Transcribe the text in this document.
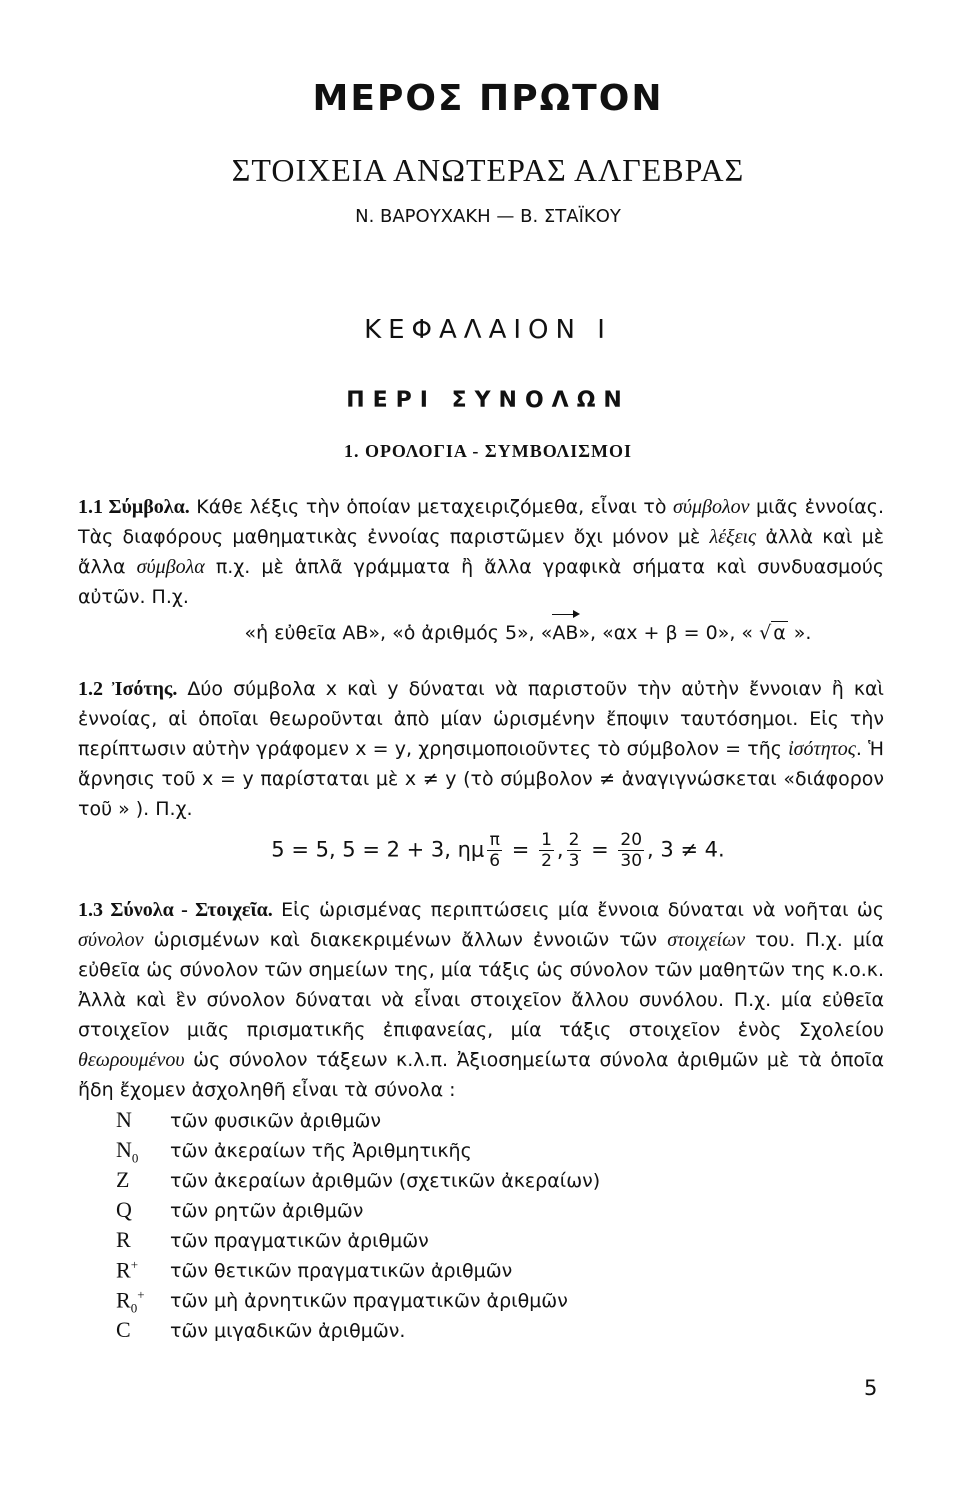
ΜΕΡΟΣ ΠΡΩΤΟΝ
ΣΤΟΙΧΕΙΑ ΑΝΩΤΕΡΑΣ ΑΛΓΕΒΡΑΣ
Ν. ΒΑΡΟΥΧΑΚΗ — Β. ΣΤΑΪΚΟΥ
ΚΕΦΑΛΑΙΟΝ Ι
ΠΕΡΙ ΣΥΝΟΛΩΝ
1. ΟΡΟΛΟΓΙΑ - ΣΥΜΒΟΛΙΣΜΟΙ

1.1 Σύμβολα. Κάθε λέξις τὴν ὁποίαν μεταχειριζόμεθα, εἶναι τὸ σύμβολον μιᾶς ἐννοίας. Τὰς διαφόρους μαθηματικὰς ἐννοίας παριστῶμεν ὄχι μόνον μὲ λέξεις ἀλλὰ καὶ μὲ ἄλλα σύμβολα π.χ. μὲ ἁπλᾶ γράμματα ἢ ἄλλα γραφικὰ σήματα καὶ συνδυασμούς αὐτῶν. Π.χ.

«ἡ εὐθεῖα ΑΒ», «ὁ ἀριθμός 5», «ΑΒ», «αx + β = 0», « √ α ».

1.2 Ἰσότης. Δύο σύμβολα x καὶ y δύναται νὰ παριστοῦν τὴν αὐτὴν ἔννοιαν ἢ καὶ ἐννοίας, αἱ ὁποῖαι θεωροῦνται ἀπὸ μίαν ὡρισμένην ἔποψιν ταυτόσημοι. Εἰς τὴν περίπτωσιν αὐτὴν γράφομεν x = y, χρησιμοποιοῦντες τὸ σύμβολον = τῆς ἰσότητος. Ἡ ἄρνησις τοῦ x = y παρίσταται μὲ x ≠ y (τὸ σύμβολον ≠ ἀναγιγνώσκεται «διάφορον τοῦ » ). Π.χ.

5 = 5, 5 = 2 + 3, ημ $\frac{\pi}{6} = \frac{1}{2}$ , $\frac{2}{3} = \frac{20}{30}$ , 3 ≠ 4.

1.3 Σύνολα - Στοιχεῖα. Εἰς ὡρισμένας περιπτώσεις μία ἔννοια δύναται νὰ νοῆται ὡς σύνολον ὡρισμένων καὶ διακεκριμένων ἄλλων ἐννοιῶν τῶν στοιχείων του. Π.χ. μία εὐθεῖα ὡς σύνολον τῶν σημείων της, μία τάξις ὡς σύνολον τῶν μαθητῶν της κ.ο.κ. Ἀλλὰ καὶ ἓν σύνολον δύναται νὰ εἶναι στοιχεῖον ἄλλου συνόλου. Π.χ. μία εὐθεῖα στοιχεῖον μιᾶς πρισματικῆς ἐπιφανείας, μία τάξις στοιχεῖον ἑνὸς Σχολείου θεωρουμένου ὡς σύνολον τάξεων κ.λ.π. Ἀξιοσημείωτα σύνολα ἀριθμῶν μὲ τὰ ὁποῖα ἤδη ἔχομεν ἀσχοληθῆ εἶναι τὰ σύνολα :

N	τῶν φυσικῶν ἀριθμῶν
$N_0$	τῶν ἀκεραίων τῆς Ἀριθμητικῆς
Z	τῶν ἀκεραίων ἀριθμῶν (σχετικῶν ἀκεραίων)
Q	τῶν ρητῶν ἀριθμῶν
R	τῶν πραγματικῶν ἀριθμῶν
R+	τῶν θετικῶν πραγματικῶν ἀριθμῶν
$R_0^+$	τῶν μὴ ἀρνητικῶν πραγματικῶν ἀριθμῶν
C	τῶν μιγαδικῶν ἀριθμῶν.
5
